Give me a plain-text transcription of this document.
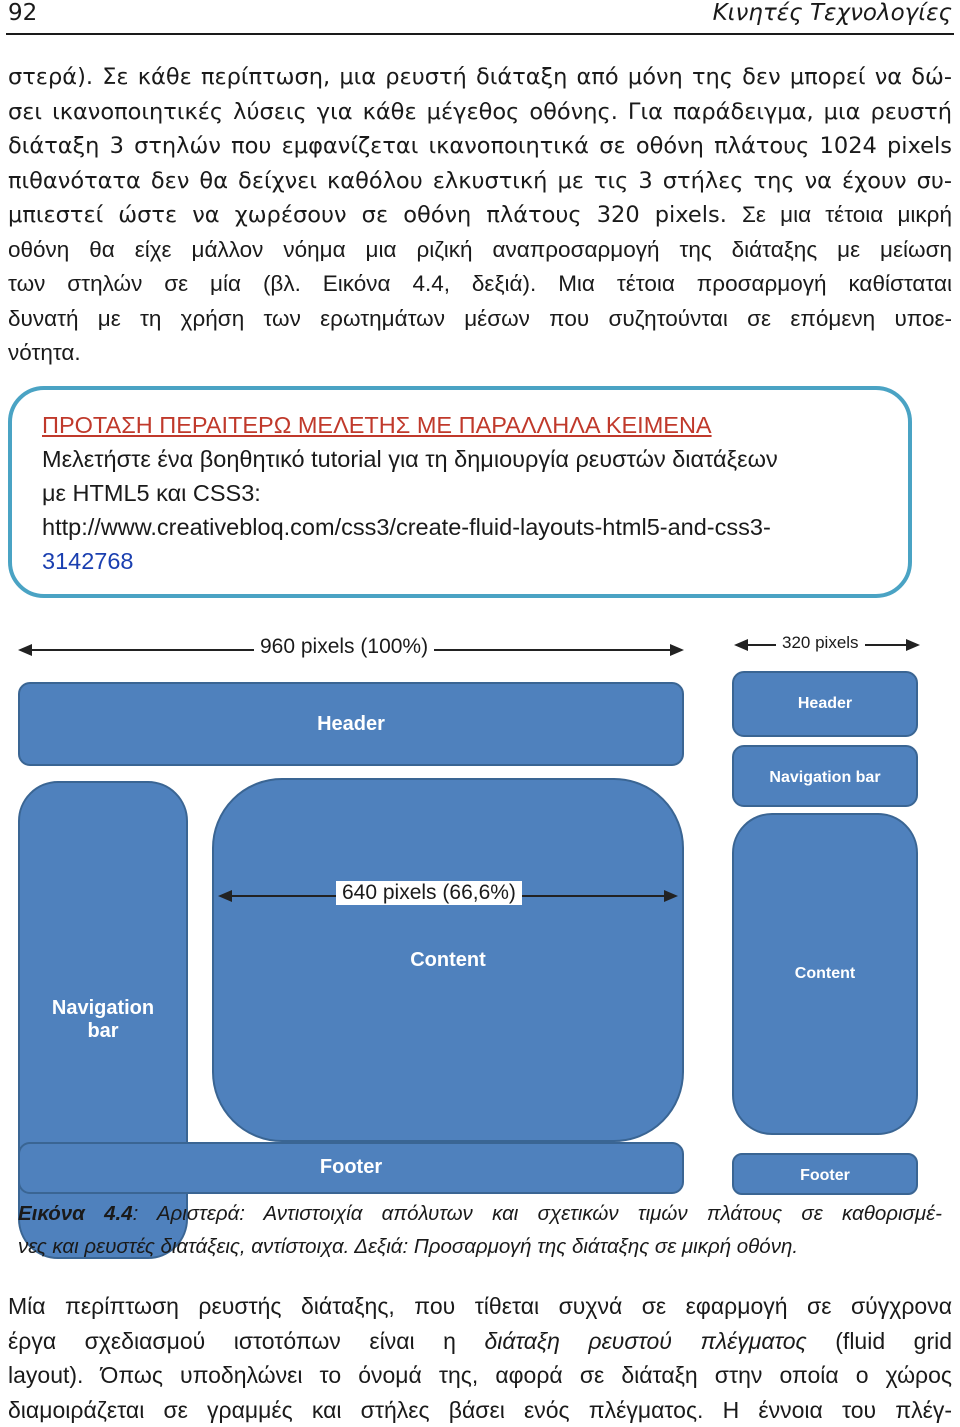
92	Κινητές Τεχνολογίες
στερά). Σε κάθε περίπτωση, μια ρευστή διάταξη από μόνη της δεν μπορεί να δώ-
σει ικανοποιητικές λύσεις για κάθε μέγεθος οθόνης. Για παράδειγμα, μια ρευστή
διάταξη 3 στηλών που εμφανίζεται ικανοποιητικά σε οθόνη πλάτους 1024 pixels
πιθανότατα δεν θα δείχνει καθόλου ελκυστική με τις 3 στήλες της να έχουν συ-
μπιεστεί ώστε να χωρέσουν σε οθόνη πλάτους 320 pixels. Σε μια τέτοια μικρή
οθόνη θα είχε μάλλον νόημα μια ριζική αναπροσαρμογή της διάταξης με μείωση
των στηλών σε μία (βλ. Εικόνα 4.4, δεξιά). Μια τέτοια προσαρμογή καθίσταται
δυνατή με τη χρήση των ερωτημάτων μέσων που συζητούνται σε επόμενη υποε-
νότητα.
ΠΡΟΤΑΣΗ ΠΕΡΑΙΤΕΡΩ ΜΕΛΕΤΗΣ ΜΕ ΠΑΡΑΛΛΗΛΑ ΚΕΙΜΕΝΑ
Μελετήστε ένα βοηθητικό tutorial για τη δημιουργία ρευστών διατάξεων
με HTML5 και CSS3:
http://www.creativebloq.com/css3/create-fluid-layouts-html5-and-css3-
3142768
960 pixels (100%)	320 pixels
Header
Navigation
bar
Content
Footer
640 pixels (66,6%)
Header
Navigation bar
Content
Footer
Εικόνα 4.4: Αριστερά: Αντιστοιχία απόλυτων και σχετικών τιμών πλάτους σε καθορισμέ-
νες και ρευστές διατάξεις, αντίστοιχα. Δεξιά: Προσαρμογή της διάταξης σε μικρή οθόνη.
Μία περίπτωση ρευστής διάταξης, που τίθεται συχνά σε εφαρμογή σε σύγχρονα
έργα σχεδιασμού ιστοτόπων είναι η διάταξη ρευστού πλέγματος (fluid grid
layout). Όπως υποδηλώνει το όνομά της, αφορά σε διάταξη στην οποία ο χώρος
διαμοιράζεται σε γραμμές και στήλες βάσει ενός πλέγματος. Η έννοια του πλέγ-
